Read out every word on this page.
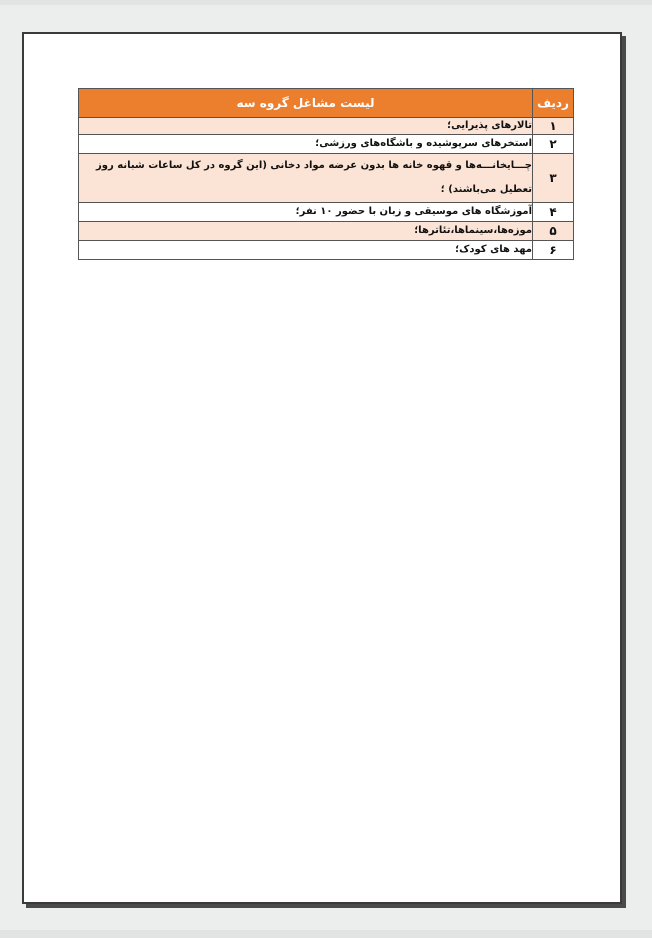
ردیف	لیست مشاغل گروه سه
۱	تالارهای پذیرایی؛
۲	استخرهای سرپوشیده و باشگاه‌های ورزشی؛
۳	چـــایخانـــه‌ها و قهوه خانه ها بدون عرضه مواد دخانی (این گروه در کل ساعات شبانه روز تعطیل می‌باشند) ؛
۴	آموزشگاه های موسیقی و زبان با حضور ۱۰ نفر؛
۵	موزه‌ها،سینماها،تئاترها؛
۶	مهد های کودک؛
